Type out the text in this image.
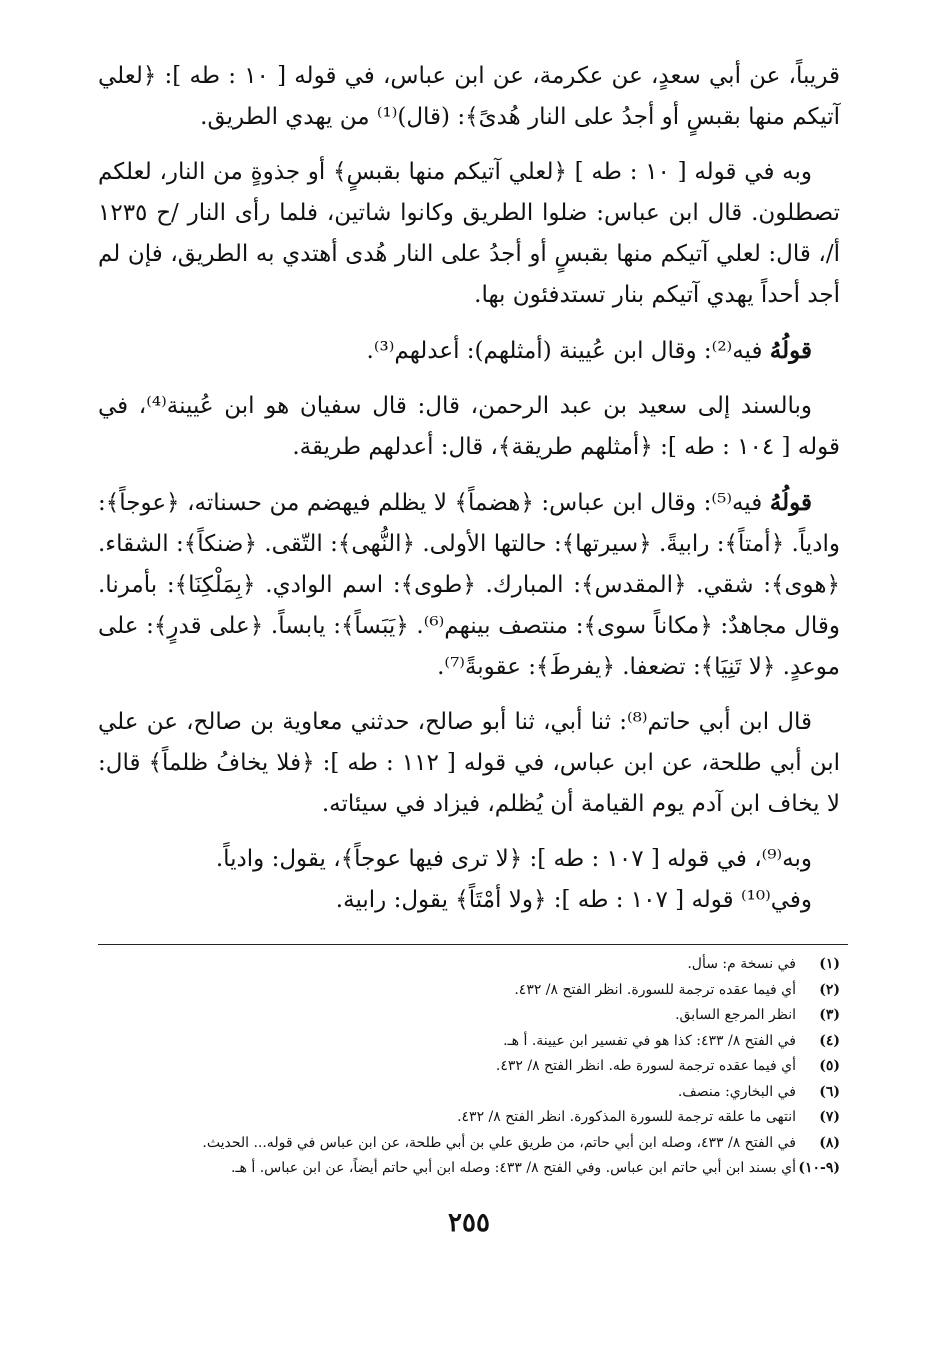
قريباً، عن أبي سعدٍ، عن عكرمة، عن ابن عباس، في قوله [ ١٠ : طه ]: ﴿لعلي آتيكم منها بقبسٍ أو أجدُ على النار هُدىً﴾: (قال)⁽¹⁾ من يهدي الطريق.

وبه في قوله [ ١٠ : طه ] ﴿لعلي آتيكم منها بقبسٍ﴾ أو جذوةٍ من النار، لعلكم تصطلون. قال ابن عباس: ضلوا الطريق وكانوا شاتين، فلما رأى النار /ح ١٢٣٥ أ/، قال: لعلي آتيكم منها بقبسٍ أو أجدُ على النار هُدى أهتدي به الطريق، فإن لم أجد أحداً يهدي آتيكم بنار تستدفئون بها.

قولُهُ فيه⁽²⁾: وقال ابن عُيينة (أمثلهم): أعدلهم⁽³⁾.

وبالسند إلى سعيد بن عبد الرحمن، قال: قال سفيان هو ابن عُيينة⁽⁴⁾، في قوله [ ١٠٤ : طه ]: ﴿أمثلهم طريقة﴾، قال: أعدلهم طريقة.

قولُهُ فيه⁽⁵⁾: وقال ابن عباس: ﴿هضماً﴾ لا يظلم فيهضم من حسناته، ﴿عوجاً﴾: وادياً. ﴿أمتاً﴾: رابيةً. ﴿سيرتها﴾: حالتها الأولى. ﴿النُّهى﴾: التّقى. ﴿ضنكاً﴾: الشقاء. ﴿هوى﴾: شقي. ﴿المقدس﴾: المبارك. ﴿طوى﴾: اسم الوادي. ﴿بِمَلْكِنَا﴾: بأمرنا. وقال مجاهدٌ: ﴿مكاناً سوى﴾: منتصف بينهم⁽⁶⁾. ﴿يَبَساً﴾: يابساً. ﴿على قدرٍ﴾: على موعدٍ. ﴿لا تَنِيَا﴾: تضعفا. ﴿يفرطَ﴾: عقوبةً⁽⁷⁾.

قال ابن أبي حاتم⁽⁸⁾: ثنا أبي، ثنا أبو صالح، حدثني معاوية بن صالح، عن علي ابن أبي طلحة، عن ابن عباس، في قوله [ ١١٢ : طه ]: ﴿فلا يخافُ ظلماً﴾ قال: لا يخاف ابن آدم يوم القيامة أن يُظلم، فيزاد في سيئاته.

وبه⁽⁹⁾، في قوله [ ١٠٧ : طه ]: ﴿لا ترى فيها عوجاً﴾، يقول: وادياً.

وفي⁽¹⁰⁾ قوله [ ١٠٧ : طه ]: ﴿ولا أمْتَاً﴾ يقول: رابية.

(١)
في نسخة م: سأل.
(٢)
أي فيما عقده ترجمة للسورة. انظر الفتح ٨/ ٤٣٢.
(٣)
انظر المرجع السابق.
(٤)
في الفتح ٨/ ٤٣٣: كذا هو في تفسير ابن عيينة. أ هـ.
(٥)
أي فيما عقده ترجمة لسورة طه. انظر الفتح ٨/ ٤٣٢.
(٦)
في البخاري: منصف.
(٧)
انتهى ما علقه ترجمة للسورة المذكورة. انظر الفتح ٨/ ٤٣٢.
(٨)
في الفتح ٨/ ٤٣٣، وصله ابن أبي حاتم، من طريق علي بن أبي طلحة، عن ابن عباس في قوله... الحديث.
(٩-١٠)
أي بسند ابن أبي حاتم ابن عباس. وفي الفتح ٨/ ٤٣٣: وصله ابن أبي حاتم أيضاً، عن ابن عباس. أ هـ.
٢٥٥
